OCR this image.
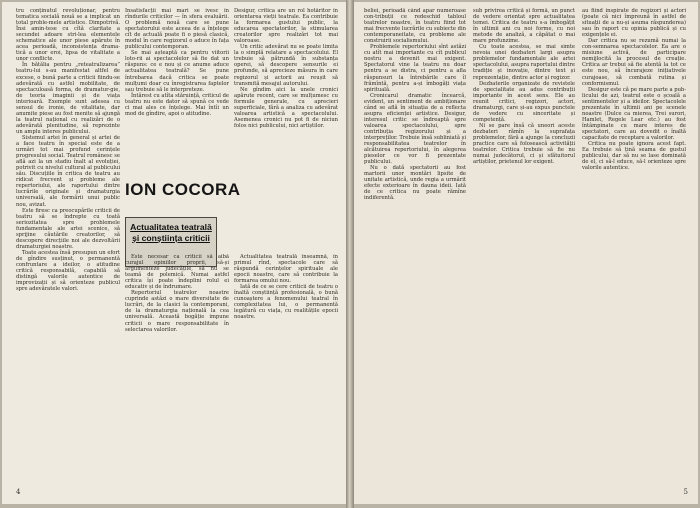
tru conținutul revoluționar, pentru tematica socială nouă se a implicat un total proble-mele artistice. Dimpotrivă. Însi amin-tese cu cîtă claritate a secundei adoare stri-lea elementele schematice ale unor piese apărute în acea perioadă, inconsistența drama-tică a unor eroi, lipsa de vitalitate a unor conflicte.

În bătălia pentru „reteatralizarea” teatru-lui s-au manifestat altfel de excese, o bună parte a criticii fiindu-se adevărată cu astfel mobilitate, de spectaculoasă forma, de dramatur-gie, de teoria imaginii și de viața interioară. Exemple sunt adesea cu sensul de ironie, de vitalitate, dar anumite piese au fost menite să ajungă la teatrul național cu realizări de o adevărată plenitudine, să reprezinte un amplu interes publicului.

Sistemul artei în general și artei de a face teatru în special este de a urmări tot mai profund cerințele progresului social. Teatrul românesc se află azi la un stadiu înalt al evoluției, potrivit cu nivelul cultural al publicului său. Discuțiile în critica de teatru au ridicat frecvent și probleme ale repertoriului, ale raportului dintre lucrările originale și dramaturgia universală, ale formării unui public nou, avizat.

Este firesc ca preocupările criticii de teatru să se îndrepte cu toată seriozitatea spre problemele fundamentale ale artei scenice, să sprijine căutările creatorilor, să descopere direcțiile noi ale dezvoltării dramaturgiei noastre.

Toate acestea însă presupun un efort de gîndire susținut, o permanentă confruntare a ideilor, o atitudine critică responsabilă, capabilă să distingă valorile autentice de improvizații și să orienteze publicul spre adevăratele valori.

Insatisfacții mai mari se ivesc în rîndurile criticilor — în sfera evaluării. O problemă nouă care se pune spectatorului este aceea de a înțelege cît de actuală poate fi o piesă clasică, modul în care regizorul o aduce în fața publicului contemporan.

Se mai așteaptă ca pentru viitorii loto-rii ai spectacolelor să fie dat un răspuns: ce e nou și ce anume aduce actualitatea teatrală? Se pune întrebarea dacă critica se poate mulțumi doar cu înregistrarea faptelor sau trebuie să le interpreteze.

Întărest cu atîta stăruință, criticul de teatru nu este dator să spună ce vede ci mai ales ce înțelege. Mai întîi un mod de gîndire, apoi o atitudine.

Desigur, critica are un rol hotărîtor în orientarea vieții teatrale. Ea contribuie la formarea gustului public, la educarea spectatorilor, la stimularea creatorilor spre realizări tot mai valoroase.

Un critic adevărat nu se poate limita la o simplă relatare a spectacolului. El trebuie să pătrundă în substanța operei, să descopere sensurile ei profunde, să aprecieze măsura în care regizorul și actorii au reușit să transmită mesajul autorului.

Ne gîndim aici la unele cronici apărute recent, care se mulțumesc cu formule generale, cu aprecieri superficiale, fără a analiza cu adevărat valoarea artistică a spectacolului. Asemenea cronici nu pot fi de niciun folos nici publicului, nici artiștilor.

ION COCORA
Actualitatea teatrală
și conștiința criticii

Este necesar ca criticii să aibă curajul opiniilor proprii, să-și argumenteze judecățile, să nu se teamă de polemică. Numai astfel critica își poate îndeplini rolul ei educativ și de îndrumare.

Repertoriul teatrelor noastre cuprinde astăzi o mare diversitate de lucrări, de la clasici la contemporani, de la dramaturgia națională la cea universală. Această bogăție impune criticii o mare responsabilitate în selectarea valorilor.

Actualitatea teatrală înseamnă, în primul rînd, spectacole care să răspundă cerințelor spirituale ale epocii noastre, care să contribuie la formarea omului nou.

Iată de ce se cere criticii de teatru o înaltă conștiință profesională, o bună cunoaștere a fenomenului teatral în complexitatea lui, o permanentă legătură cu viața, cu realitățile epocii noastre.

4

beliei, perioadă când apar numeroase con-tribuții ce redeschid tabloul teatrelor noastre, în teatru fiind tot mai frecvente lucrările cu subiecte din contemporaneitate, cu probleme ale construirii socialismului.

Problemele repertoriului sînt astăzi cu atît mai importante cu cît publicul nostru a devenit mai exigent. Spectatorul vine la teatru nu doar pentru a se distra, ci pentru a afla răspunsuri la întrebările care îl frămîntă, pentru a-și îmbogăți viața spirituală.

Cronicarul dramatic încearcă, evident, un sentiment de ambiționare când se află în situația de a reflecta asupra eficienței artistice. Desigur, interesul critic se îndreaptă spre valoarea spectacolului, spre contribuția regizorului și a interpreților. Trebuie însă subliniată și responsabilitatea teatrelor în alcătuirea repertoriului, în alegerea pieselor ce vor fi prezentate publicului.

Nu o dată spectatorii au fost martorii unor montări lipsite de unitate artistică, unde regia a urmărit efecte exterioare în dauna ideii. Iată de ce critica nu poate rămîne indiferentă.

sub privirea critică și formă, un punct de vedere orientat spre actualitatea temei. Critica de teatru s-a îmbogățit în ultimii ani cu noi forme, cu noi metode de analiză, a căpătat o mai mare profunzime.

Cu toate acestea, se mai simte nevoia unei dezbateri largi asupra problemelor fundamentale ale artei spectacolului, asupra raportului dintre tradiție și inovație, dintre text și reprezentație, dintre actor și regizor.

Dezbaterile organizate de revistele de specialitate au adus contribuții importante în acest sens. Ele au reunit critici, regizori, actori, dramaturgi, care și-au expus punctele de vedere cu sinceritate și competență.

Ni se pare însă că uneori aceste dezbateri rămîn la suprafața problemelor, fără a ajunge la concluzii practice care să folosească activității teatrelor. Critica trebuie să fie nu numai judecătorul, ci și sfătuitorul artiștilor, prietenul lor exigent.

au fiind inspirate de regizori și actori (poate că nici împreună în astfel de situații de a nu-și asuma răspunderea) sau în raport cu opinia publică și cu exigențele ei.

Dar critica nu se rezumă numai la con-semnarea spectacolelor. Ea are o misiune activă, de participare nemijlocită la procesul de creație. Critica ar trebui să fie atentă la tot ce este nou, să încurajeze inițiativele curajoase, să combată rutina și conformismul.

Desigur este că pe mare parte a pub-licului de azi, teatrul este o școală a sentimentelor și a ideilor. Spectacolele prezentate în ultimii ani pe scenele noastre (Dulce ca mierea, Trei surori, Hamlet, Regele Lear etc.) au fost întâmpinate cu mare interes de spectatori, care au dovedit o înaltă capacitate de receptare a valorilor.

Critica nu poate ignora acest fapt. Ea trebuie să țină seama de gustul publicului, dar să nu se lase dominată de el, ci să-l educe, să-l orienteze spre valorile autentice.

5
